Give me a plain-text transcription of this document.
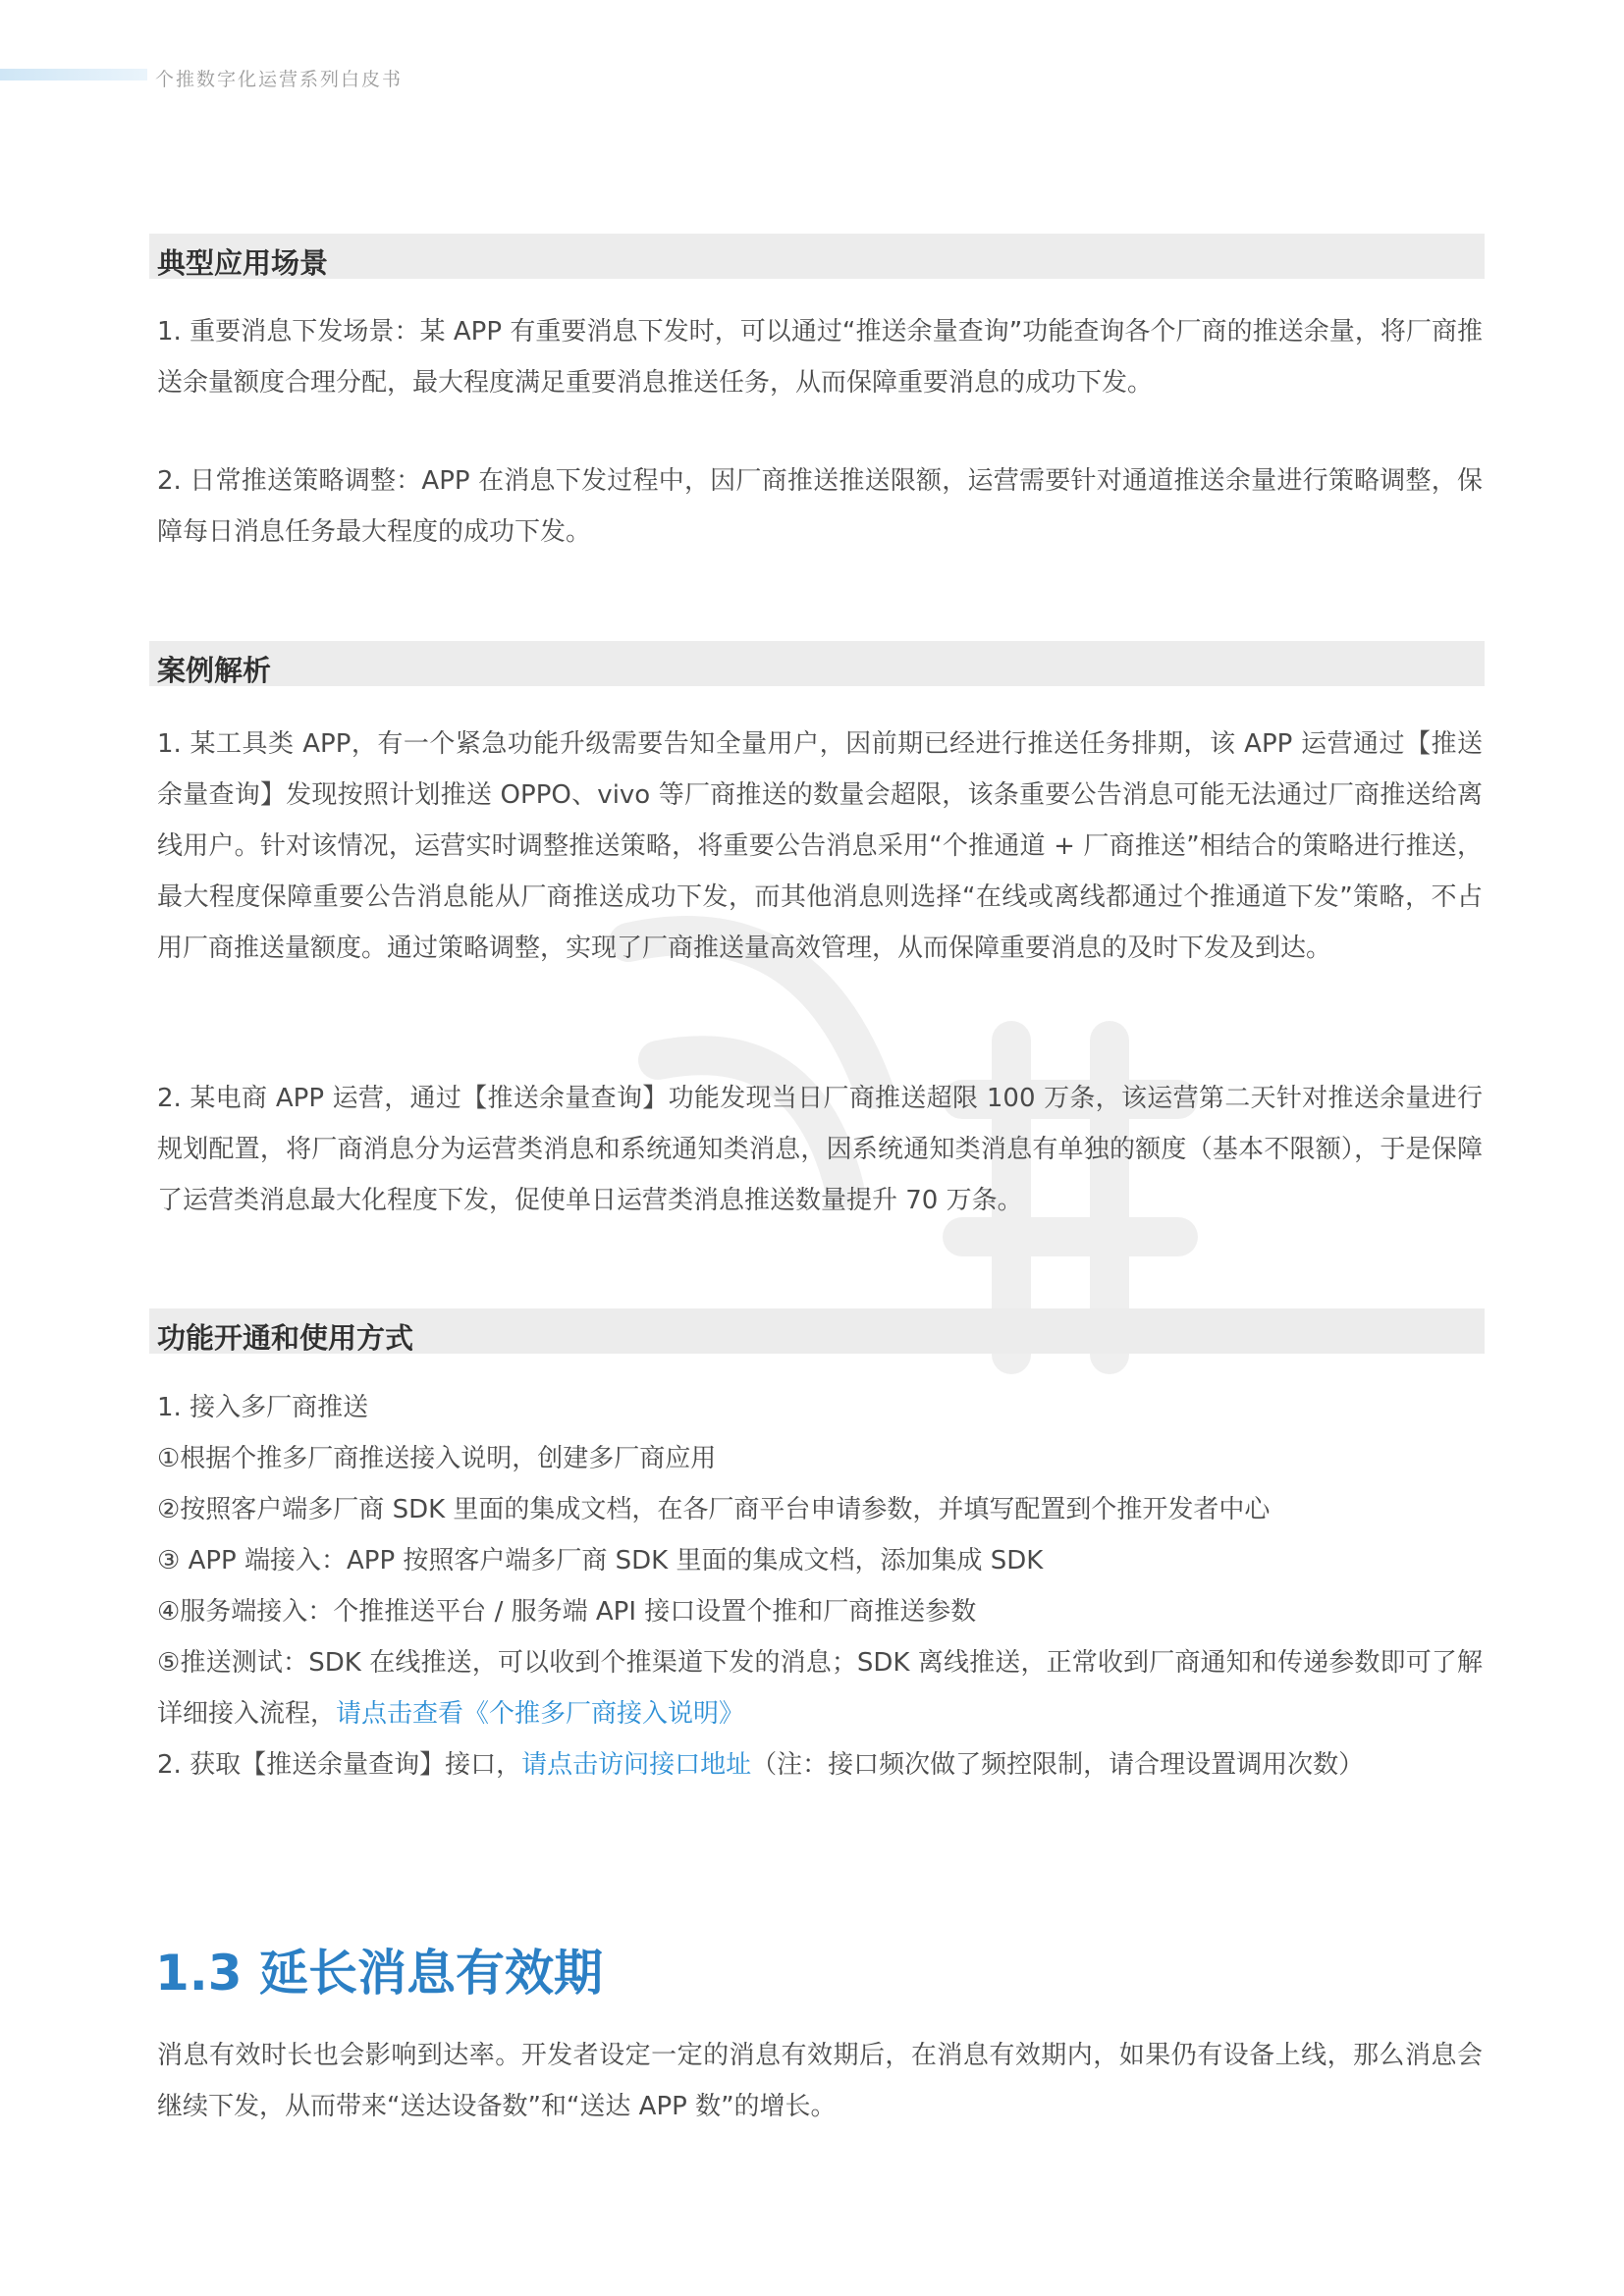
个推数字化运营系列白皮书
典型应用场景
1. 重要消息下发场景：某 APP 有重要消息下发时，可以通过“推送余量查询”功能查询各个厂商的推送余量，将厂商推送余量额度合理分配，最大程度满足重要消息推送任务，从而保障重要消息的成功下发。
2. 日常推送策略调整：APP 在消息下发过程中，因厂商推送推送限额，运营需要针对通道推送余量进行策略调整，保障每日消息任务最大程度的成功下发。
案例解析
1. 某工具类 APP，有一个紧急功能升级需要告知全量用户，因前期已经进行推送任务排期，该 APP 运营通过【推送余量查询】发现按照计划推送 OPPO、vivo 等厂商推送的数量会超限，该条重要公告消息可能无法通过厂商推送给离线用户。针对该情况，运营实时调整推送策略，将重要公告消息采用“个推通道 + 厂商推送”相结合的策略进行推送，最大程度保障重要公告消息能从厂商推送成功下发，而其他消息则选择“在线或离线都通过个推通道下发”策略，不占用厂商推送量额度。通过策略调整，实现了厂商推送量高效管理，从而保障重要消息的及时下发及到达。
2. 某电商 APP 运营，通过【推送余量查询】功能发现当日厂商推送超限 100 万条，该运营第二天针对推送余量进行规划配置，将厂商消息分为运营类消息和系统通知类消息，因系统通知类消息有单独的额度（基本不限额），于是保障了运营类消息最大化程度下发，促使单日运营类消息推送数量提升 70 万条。
功能开通和使用方式
1. 接入多厂商推送
①根据个推多厂商推送接入说明，创建多厂商应用
②按照客户端多厂商 SDK 里面的集成文档，在各厂商平台申请参数，并填写配置到个推开发者中心
③ APP 端接入：APP 按照客户端多厂商 SDK 里面的集成文档，添加集成 SDK
④服务端接入：个推推送平台 / 服务端 API 接口设置个推和厂商推送参数
⑤推送测试：SDK 在线推送，可以收到个推渠道下发的消息；SDK 离线推送，正常收到厂商通知和传递参数即可了解详细接入流程，请点击查看《个推多厂商接入说明》
2. 获取【推送余量查询】接口，请点击访问接口地址（注：接口频次做了频控限制，请合理设置调用次数）
1.3 延长消息有效期
消息有效时长也会影响到达率。开发者设定一定的消息有效期后，在消息有效期内，如果仍有设备上线，那么消息会继续下发，从而带来“送达设备数”和“送达 APP 数”的增长。
